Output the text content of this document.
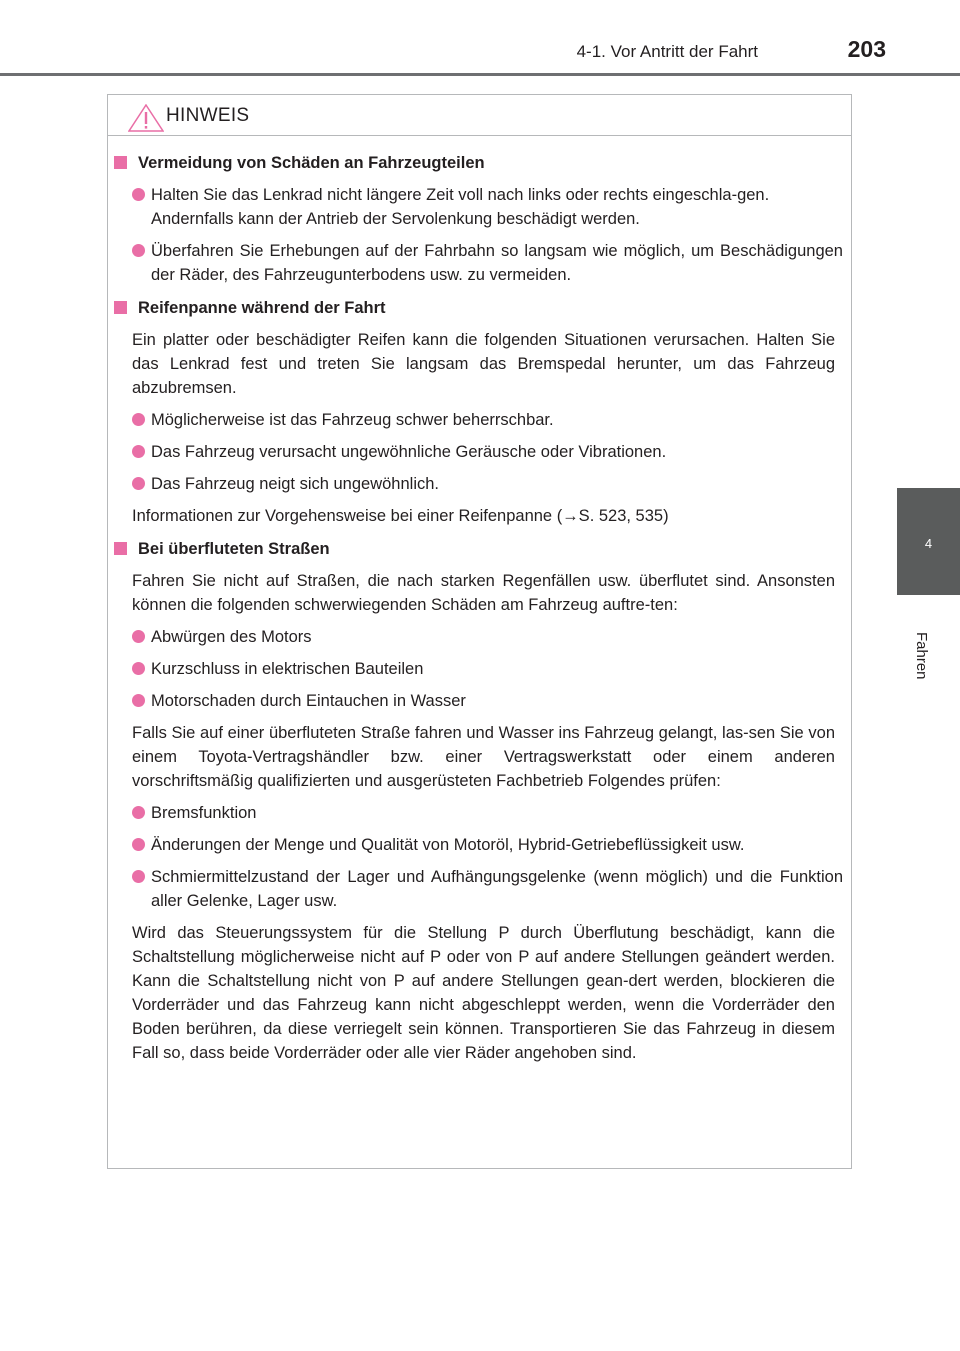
4-1. Vor Antritt der Fahrt	203
4
Fahren
HINWEIS
Vermeidung von Schäden an Fahrzeugteilen
Halten Sie das Lenkrad nicht längere Zeit voll nach links oder rechts eingeschla-gen.
Andernfalls kann der Antrieb der Servolenkung beschädigt werden.
Überfahren Sie Erhebungen auf der Fahrbahn so langsam wie möglich, um Beschädigungen der Räder, des Fahrzeugunterbodens usw. zu vermeiden.
Reifenpanne während der Fahrt
Ein platter oder beschädigter Reifen kann die folgenden Situationen verursachen. Halten Sie das Lenkrad fest und treten Sie langsam das Bremspedal herunter, um das Fahrzeug abzubremsen.
Möglicherweise ist das Fahrzeug schwer beherrschbar.
Das Fahrzeug verursacht ungewöhnliche Geräusche oder Vibrationen.
Das Fahrzeug neigt sich ungewöhnlich.
Informationen zur Vorgehensweise bei einer Reifenpanne (→S. 523, 535)
Bei überfluteten Straßen
Fahren Sie nicht auf Straßen, die nach starken Regenfällen usw. überflutet sind. Ansonsten können die folgenden schwerwiegenden Schäden am Fahrzeug auftre-ten:
Abwürgen des Motors
Kurzschluss in elektrischen Bauteilen
Motorschaden durch Eintauchen in Wasser
Falls Sie auf einer überfluteten Straße fahren und Wasser ins Fahrzeug gelangt, las-sen Sie von einem Toyota-Vertragshändler bzw. einer Vertragswerkstatt oder einem anderen vorschriftsmäßig qualifizierten und ausgerüsteten Fachbetrieb Folgendes prüfen:
Bremsfunktion
Änderungen der Menge und Qualität von Motoröl, Hybrid-Getriebeflüssigkeit usw.
Schmiermittelzustand der Lager und Aufhängungsgelenke (wenn möglich) und die Funktion aller Gelenke, Lager usw.
Wird das Steuerungssystem für die Stellung P durch Überflutung beschädigt, kann die Schaltstellung möglicherweise nicht auf P oder von P auf andere Stellungen geändert werden. Kann die Schaltstellung nicht von P auf andere Stellungen gean-dert werden, blockieren die Vorderräder und das Fahrzeug kann nicht abgeschleppt werden, wenn die Vorderräder den Boden berühren, da diese verriegelt sein können. Transportieren Sie das Fahrzeug in diesem Fall so, dass beide Vorderräder oder alle vier Räder angehoben sind.
